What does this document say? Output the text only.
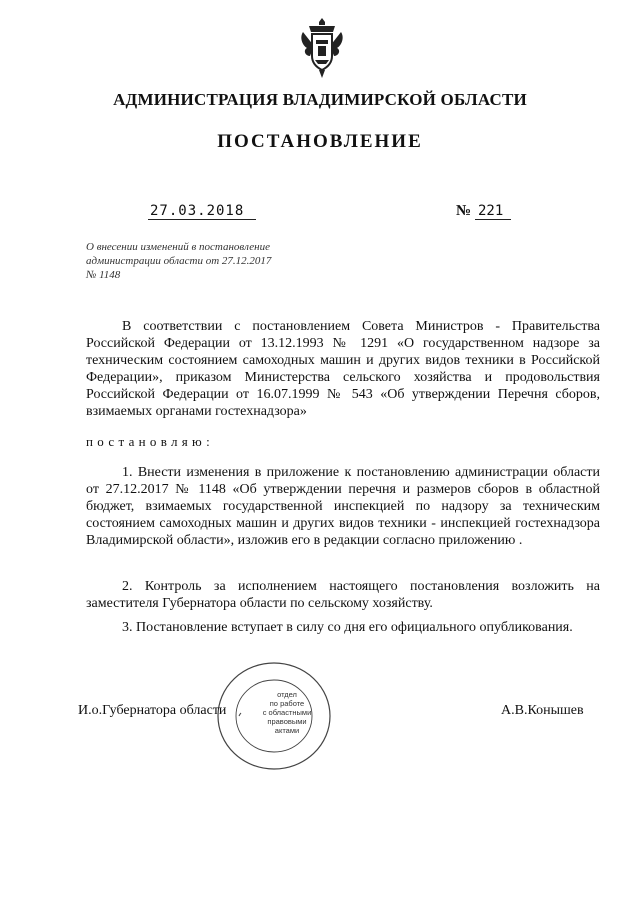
АДМИНИСТРАЦИЯ ВЛАДИМИРСКОЙ ОБЛАСТИ
ПОСТАНОВЛЕНИЕ
27.03.2018	№ 221
О внесении изменений в постановление
администрации области от 27.12.2017
№ 1148

В соответствии с постановлением Совета Министров - Правительства Российской Федерации от 13.12.1993 № 1291 «О государственном надзоре за техническим состоянием самоходных машин и других видов техники в Российской Федерации», приказом Министерства сельского хозяйства и продовольствия Российской Федерации от 16.07.1999 № 543 «Об утверждении Перечня сборов, взимаемых органами гостехнадзора»

постановляю:

1. Внести изменения в приложение к постановлению администрации области от 27.12.2017 № 1148 «Об утверждении перечня и размеров сборов в областной бюджет, взимаемых государственной инспекцией по надзору за техническим состоянием самоходных машин и других видов техники - инспекцией гостехнадзора Владимирской области», изложив его в редакции согласно приложению .

2. Контроль за исполнением настоящего постановления возложить на заместителя Губернатора области по сельскому хозяйству.

3. Постановление вступает в силу со дня его официального опубликования.

отдел
по работе
с областными
правовыми
актами
И.о.Губернатора области	А.В.Конышев
